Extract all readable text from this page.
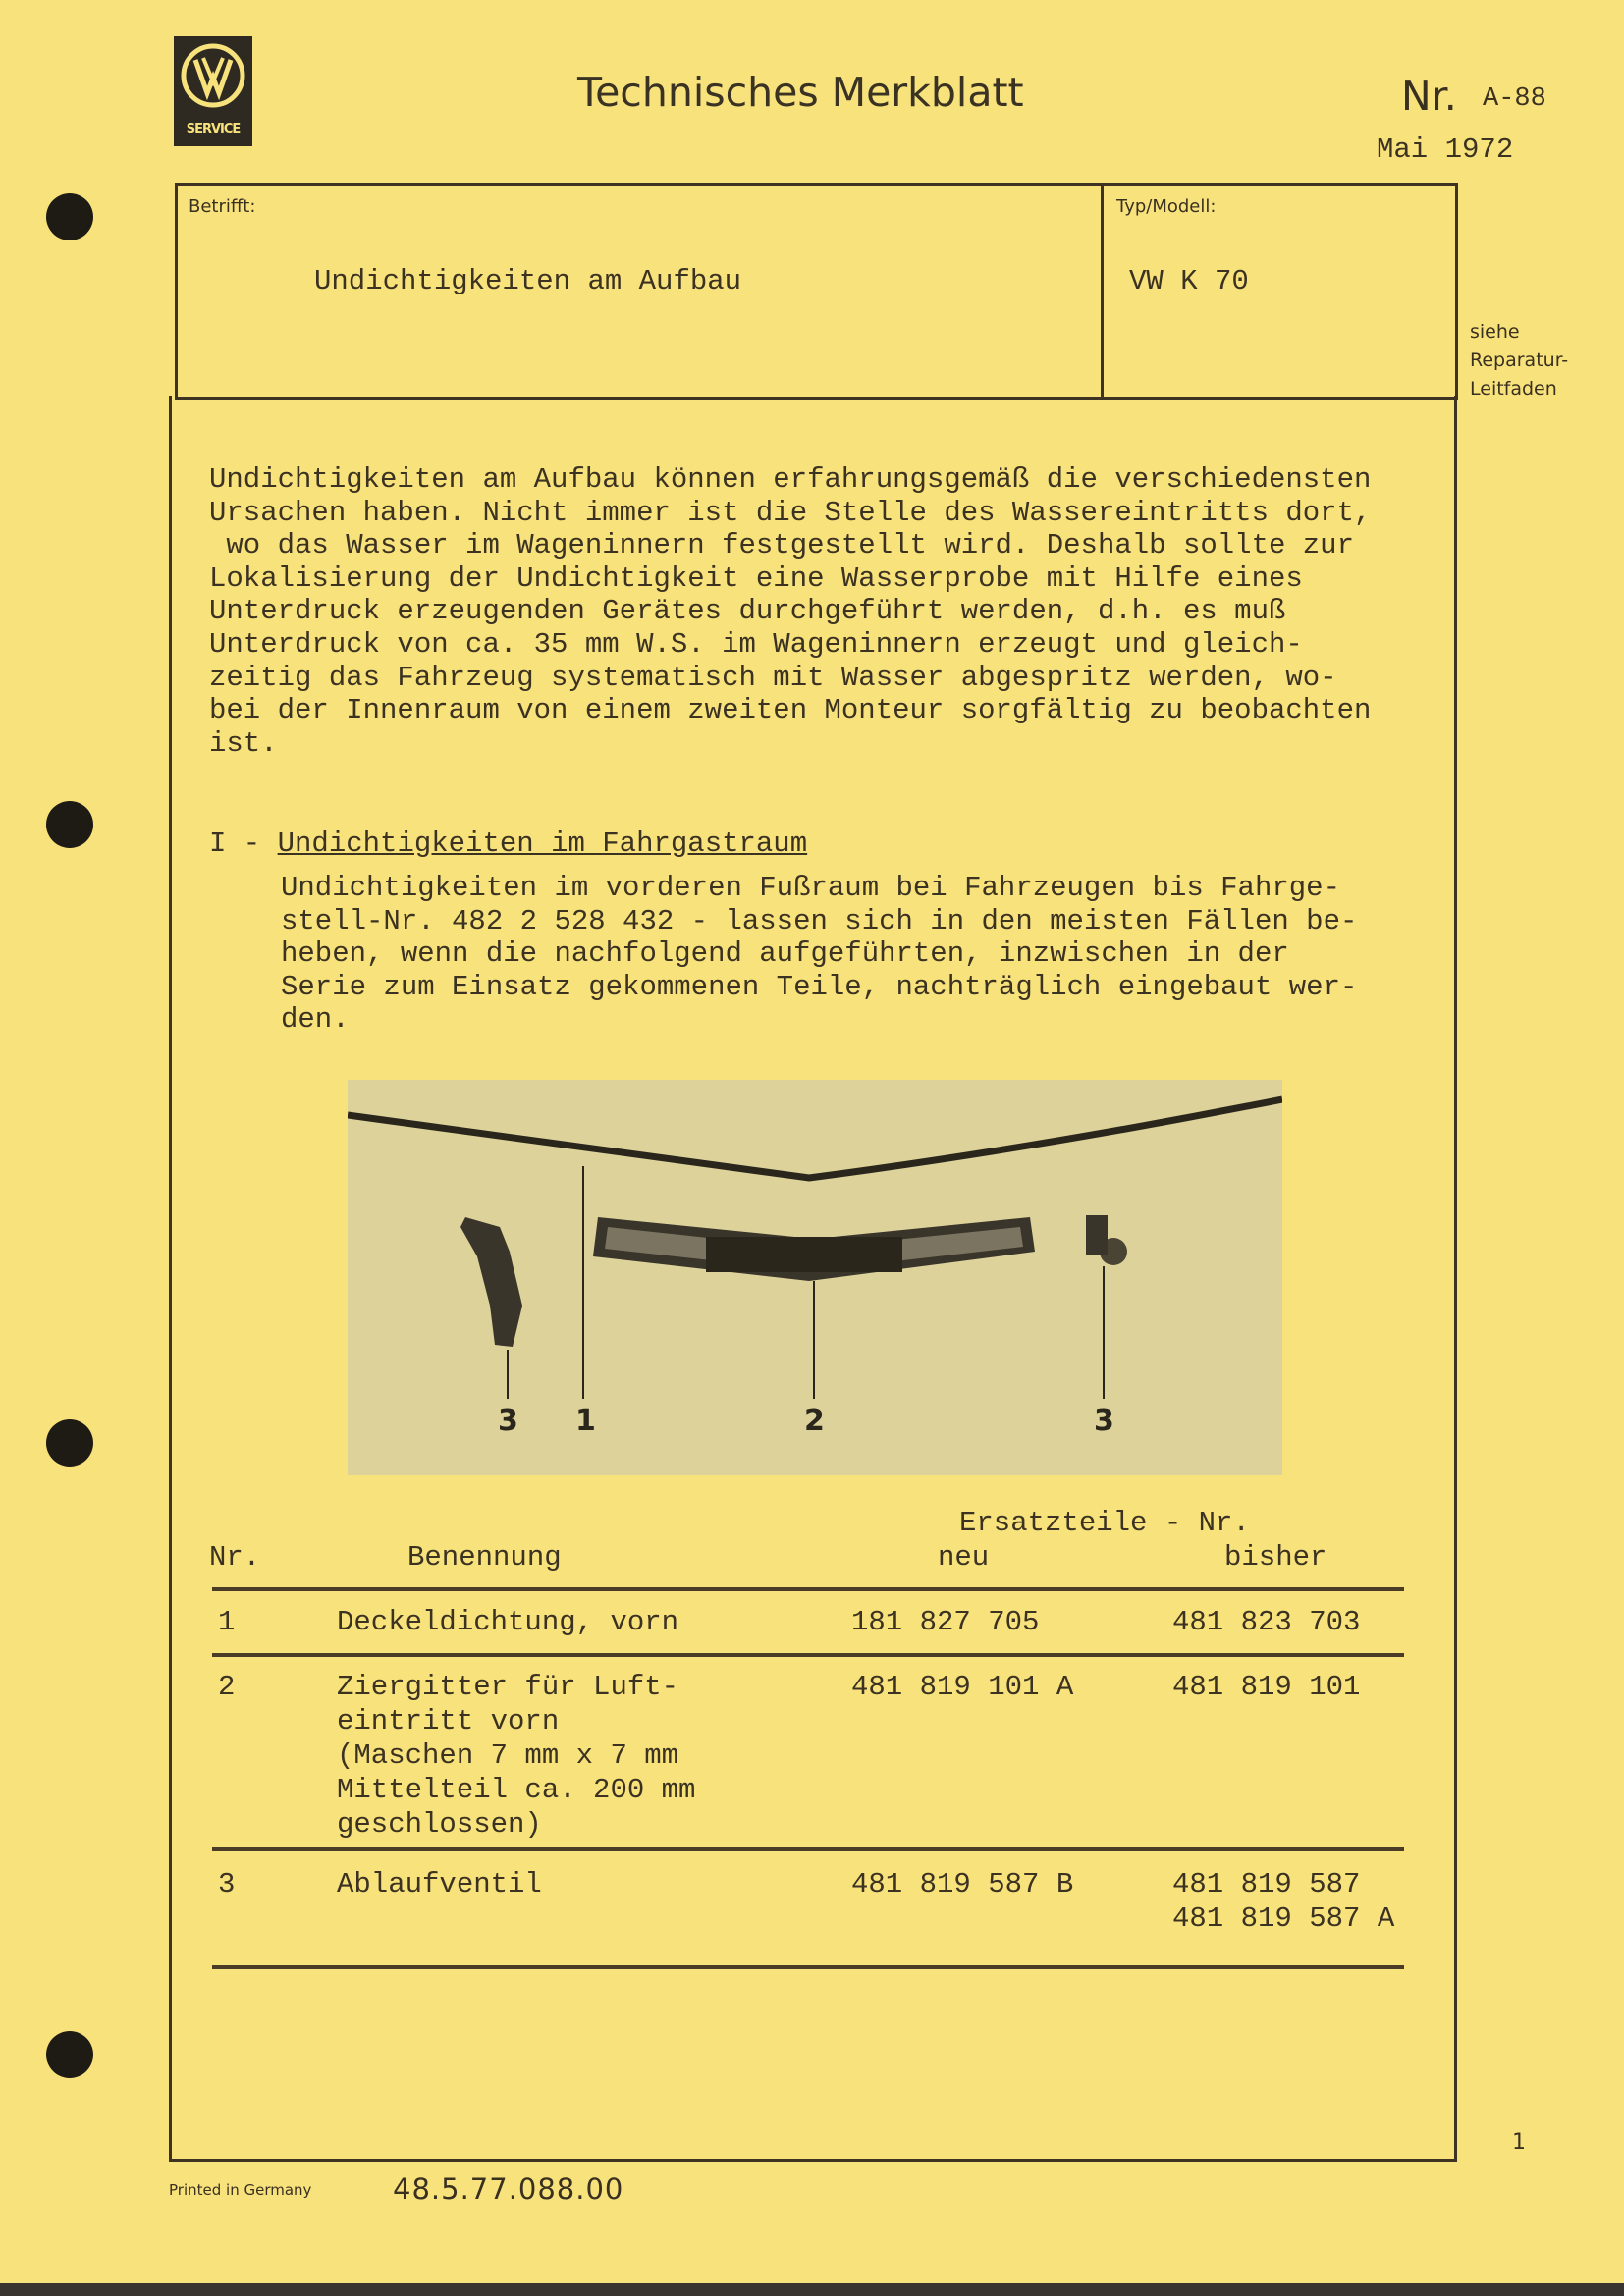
SERVICE
Technisches Merkblatt	Nr. A-88
Mai 1972
Betrifft:
Undichtigkeiten am Aufbau
Typ/Modell:
VW K 70
siehe
Reparatur-
Leitfaden
Undichtigkeiten am Aufbau können erfahrungsgemäß die verschiedensten
Ursachen haben. Nicht immer ist die Stelle des Wassereintritts dort,
wo das Wasser im Wageninnern festgestellt wird. Deshalb sollte zur
Lokalisierung der Undichtigkeit eine Wasserprobe mit Hilfe eines
Unterdruck erzeugenden Gerätes durchgeführt werden, d.h. es muß
Unterdruck von ca. 35 mm W.S. im Wageninnern erzeugt und gleich-
zeitig das Fahrzeug systematisch mit Wasser abgespritz werden, wo-
bei der Innenraum von einem zweiten Monteur sorgfältig zu beobachten
ist.
I - Undichtigkeiten im Fahrgastraum
Undichtigkeiten im vorderen Fußraum bei Fahrzeugen bis Fahrge-
stell-Nr. 482 2 528 432 - lassen sich in den meisten Fällen be-
heben, wenn die nachfolgend aufgeführten, inzwischen in der
Serie zum Einsatz gekommenen Teile, nachträglich eingebaut wer-
den.
3 1	2	3
Ersatzteile - Nr.
Nr.	Benennung	neu	bisher
1	Deckeldichtung, vorn	181 827 705	481 823 703
2	Ziergitter für Luft-
eintritt vorn
(Maschen 7 mm x 7 mm
Mittelteil ca. 200 mm
geschlossen)
481 819 101 A	481 819 101
3	Ablaufventil	481 819 587 B	481 819 587
481 819 587 A
1
Printed in Germany	48.5.77.088.00
